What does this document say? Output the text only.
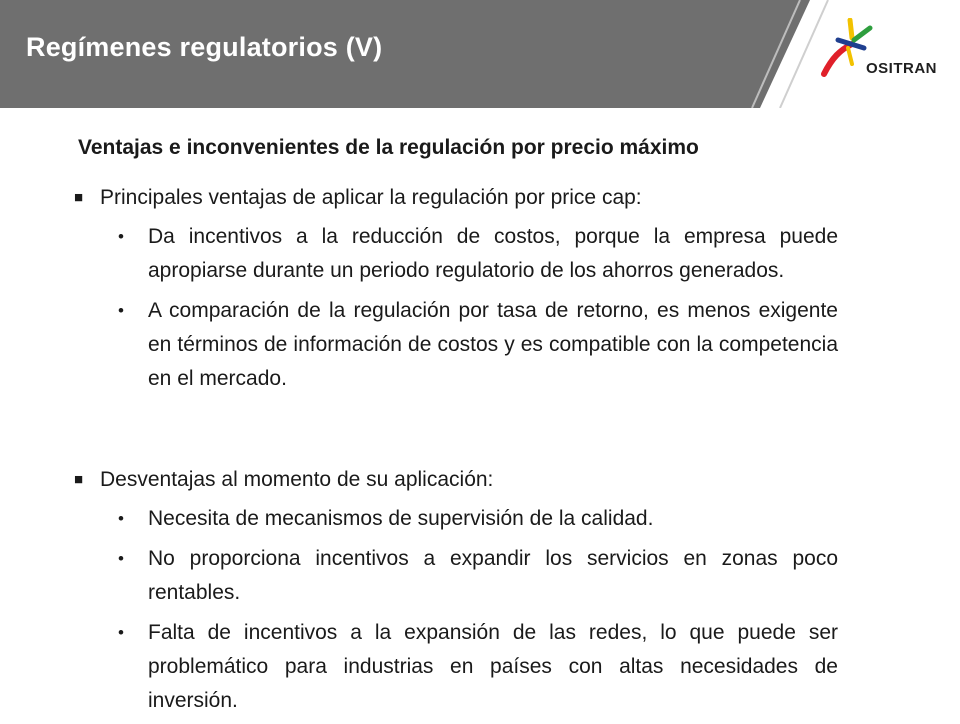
Regímenes regulatorios (V)
OSITRAN
Ventajas e inconvenientes de la regulación por precio máximo
■ Principales ventajas de aplicar la regulación por price cap:
•	Da incentivos a la reducción de costos, porque la empresa puede apropiarse durante un periodo regulatorio de los ahorros generados.
•	A comparación de la regulación por tasa de retorno, es menos exigente en términos de información de costos y es compatible con la competencia en el mercado.
■ Desventajas al momento de su aplicación:
•	Necesita de mecanismos de supervisión de la calidad.
•	No proporciona incentivos a expandir los servicios en zonas poco rentables.
•	Falta de incentivos a la expansión de las redes, lo que puede ser problemático para industrias en países con altas necesidades de inversión.
